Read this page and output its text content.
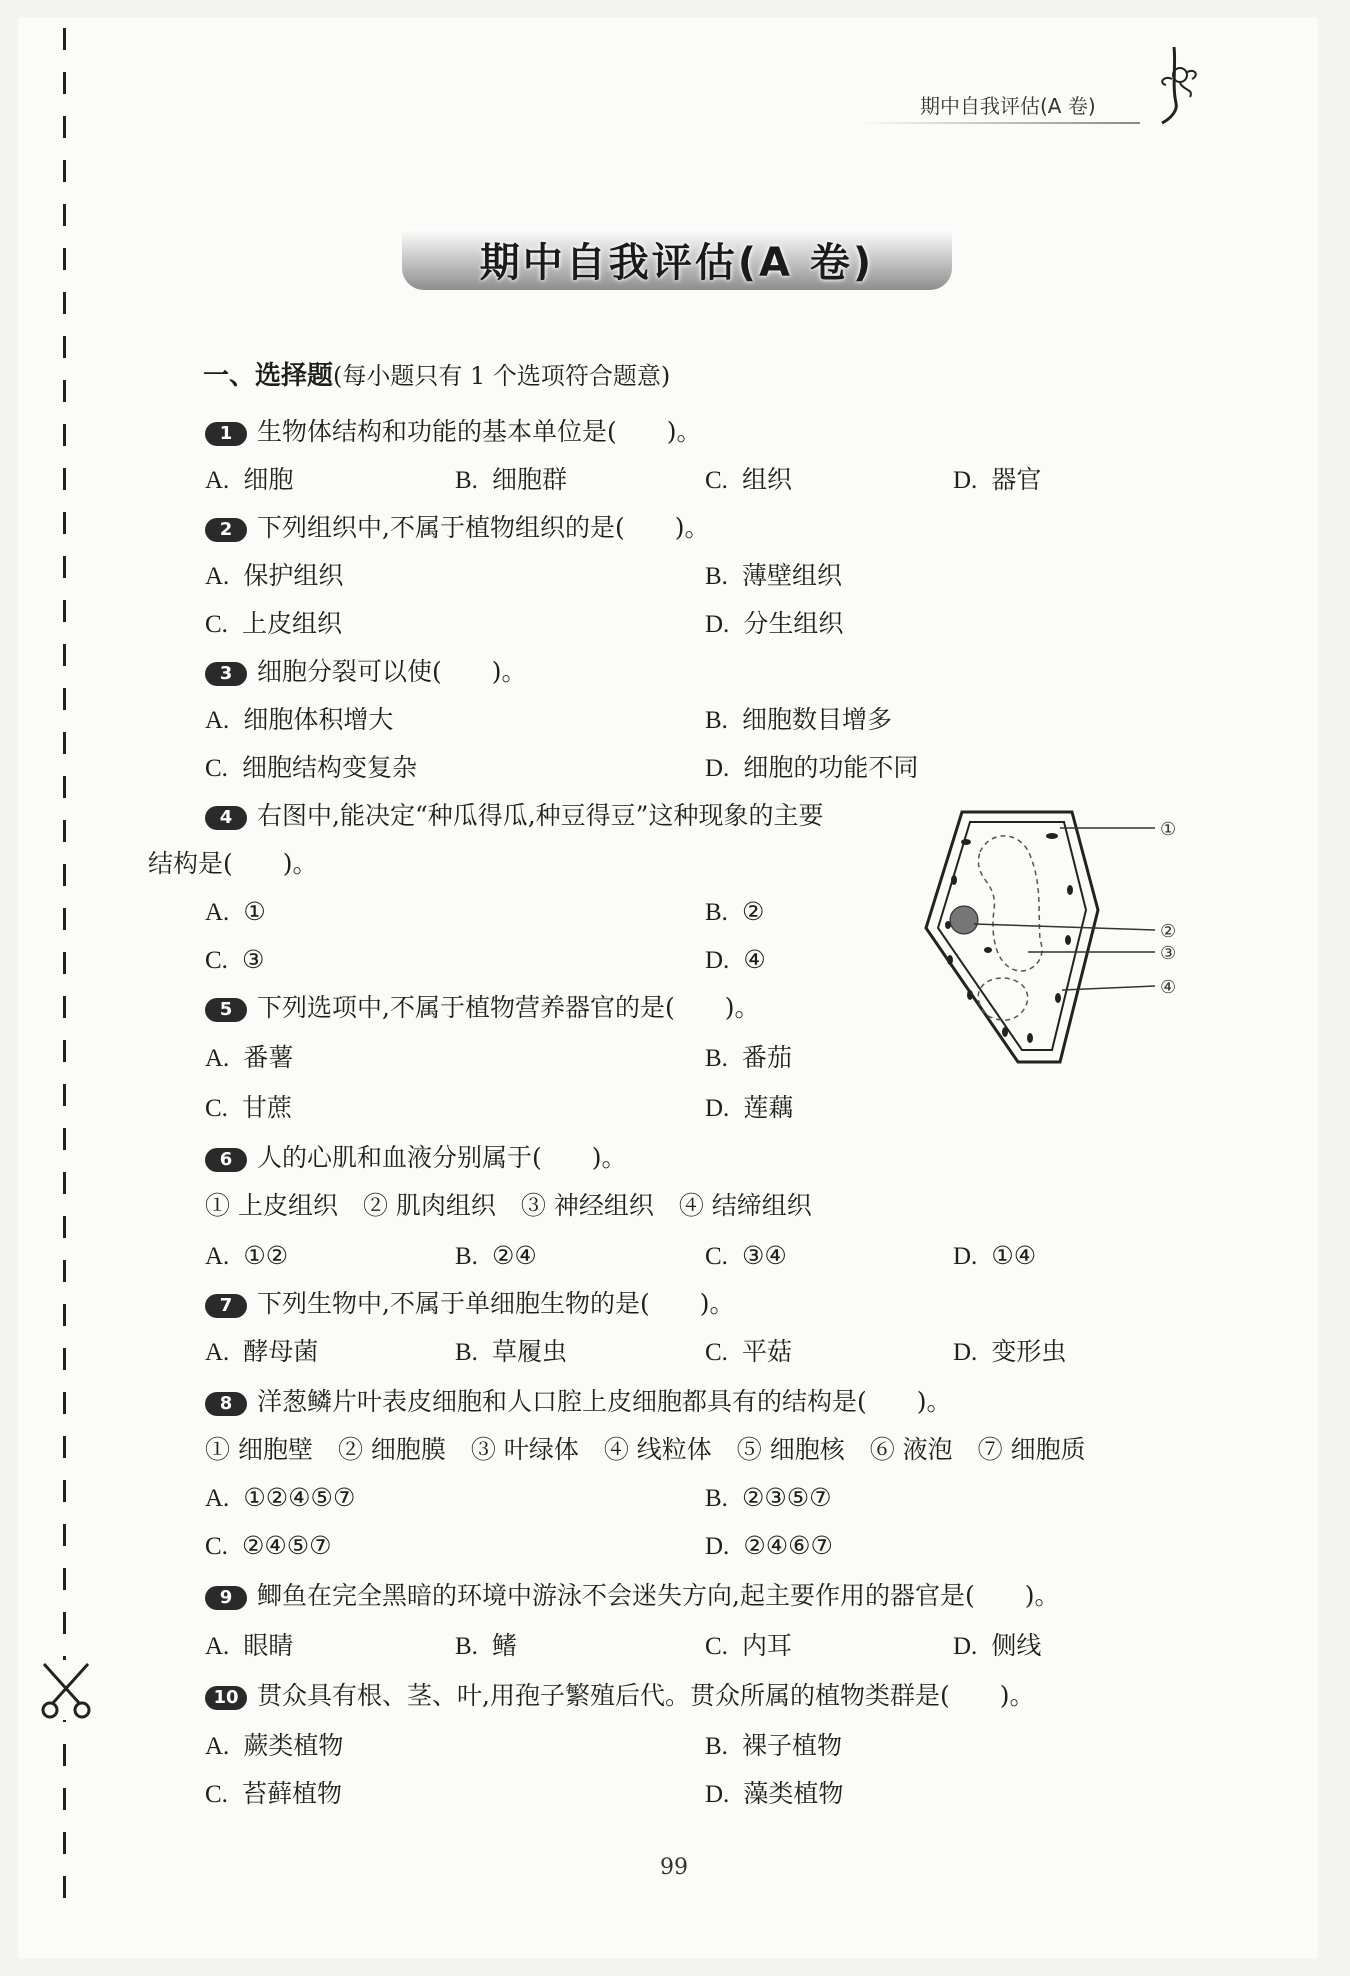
期中自我评估(A 卷)
期中自我评估(A 卷)
一、选择题(每小题只有 1 个选项符合题意)
1 生物体结构和功能的基本单位是(　　)。
A. 细胞	B. 细胞群	C. 组织	D. 器官
2 下列组织中,不属于植物组织的是(　　)。
A. 保护组织	B. 薄壁组织
C. 上皮组织	D. 分生组织
3 细胞分裂可以使(　　)。
A. 细胞体积增大	B. 细胞数目增多
C. 细胞结构变复杂	D. 细胞的功能不同
4 右图中,能决定“种瓜得瓜,种豆得豆”这种现象的主要
结构是(　　)。
A. ①	B. ②
C. ③	D. ④
5 下列选项中,不属于植物营养器官的是(　　)。
A. 番薯	B. 番茄
C. 甘蔗	D. 莲藕
6 人的心肌和血液分别属于(　　)。
① 上皮组织　② 肌肉组织　③ 神经组织　④ 结缔组织
A. ①②	B. ②④	C. ③④	D. ①④
7 下列生物中,不属于单细胞生物的是(　　)。
A. 酵母菌	B. 草履虫	C. 平菇	D. 变形虫
8 洋葱鳞片叶表皮细胞和人口腔上皮细胞都具有的结构是(　　)。
① 细胞壁　② 细胞膜　③ 叶绿体　④ 线粒体　⑤ 细胞核　⑥ 液泡　⑦ 细胞质
A. ①②④⑤⑦	B. ②③⑤⑦
C. ②④⑤⑦	D. ②④⑥⑦
9 鲫鱼在完全黑暗的环境中游泳不会迷失方向,起主要作用的器官是(　　)。
A. 眼睛	B. 鳍	C. 内耳	D. 侧线
10 贯众具有根、茎、叶,用孢子繁殖后代。贯众所属的植物类群是(　　)。
A. 蕨类植物	B. 裸子植物
C. 苔藓植物	D. 藻类植物
①
②
③
④
99
